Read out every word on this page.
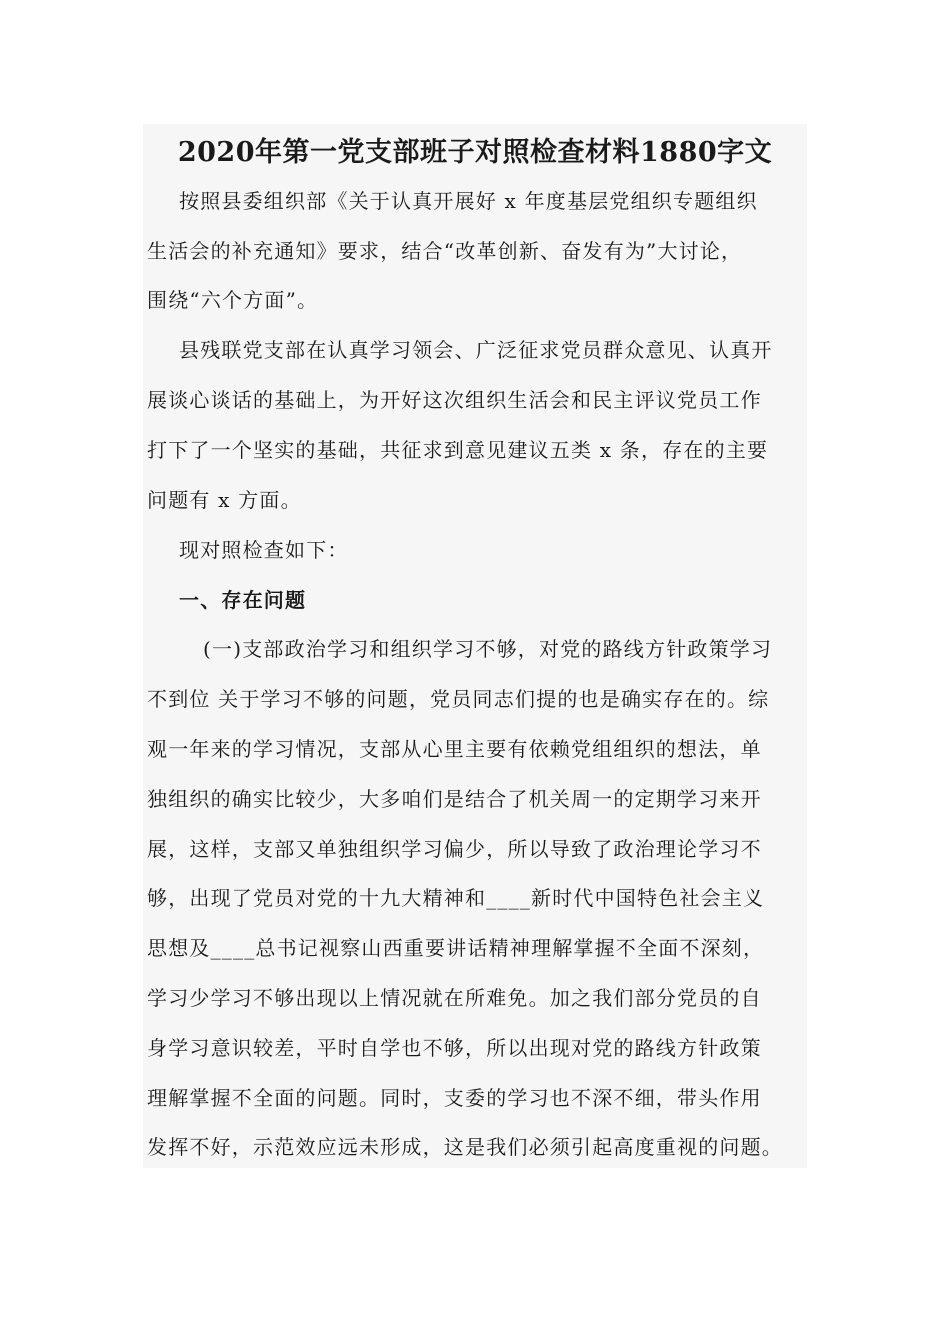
2020年第一党支部班子对照检查材料1880字文
按照县委组织部《关于认真开展好 x 年度基层党组织专题组织
生活会的补充通知》要求，结合“改革创新、奋发有为”大讨论，
围绕“六个方面”。
县残联党支部在认真学习领会、广泛征求党员群众意见、认真开
展谈心谈话的基础上，为开好这次组织生活会和民主评议党员工作
打下了一个坚实的基础，共征求到意见建议五类 x 条，存在的主要
问题有 x 方面。
现对照检查如下：
一、存在问题
(一)支部政治学习和组织学习不够，对党的路线方针政策学习
不到位 关于学习不够的问题，党员同志们提的也是确实存在的。综
观一年来的学习情况，支部从心里主要有依赖党组组织的想法，单
独组织的确实比较少，大多咱们是结合了机关周一的定期学习来开
展，这样，支部又单独组织学习偏少，所以导致了政治理论学习不
够，出现了党员对党的十九大精神和____新时代中国特色社会主义
思想及____总书记视察山西重要讲话精神理解掌握不全面不深刻，
学习少学习不够出现以上情况就在所难免。加之我们部分党员的自
身学习意识较差，平时自学也不够，所以出现对党的路线方针政策
理解掌握不全面的问题。同时，支委的学习也不深不细，带头作用
发挥不好，示范效应远未形成，这是我们必须引起高度重视的问题。
